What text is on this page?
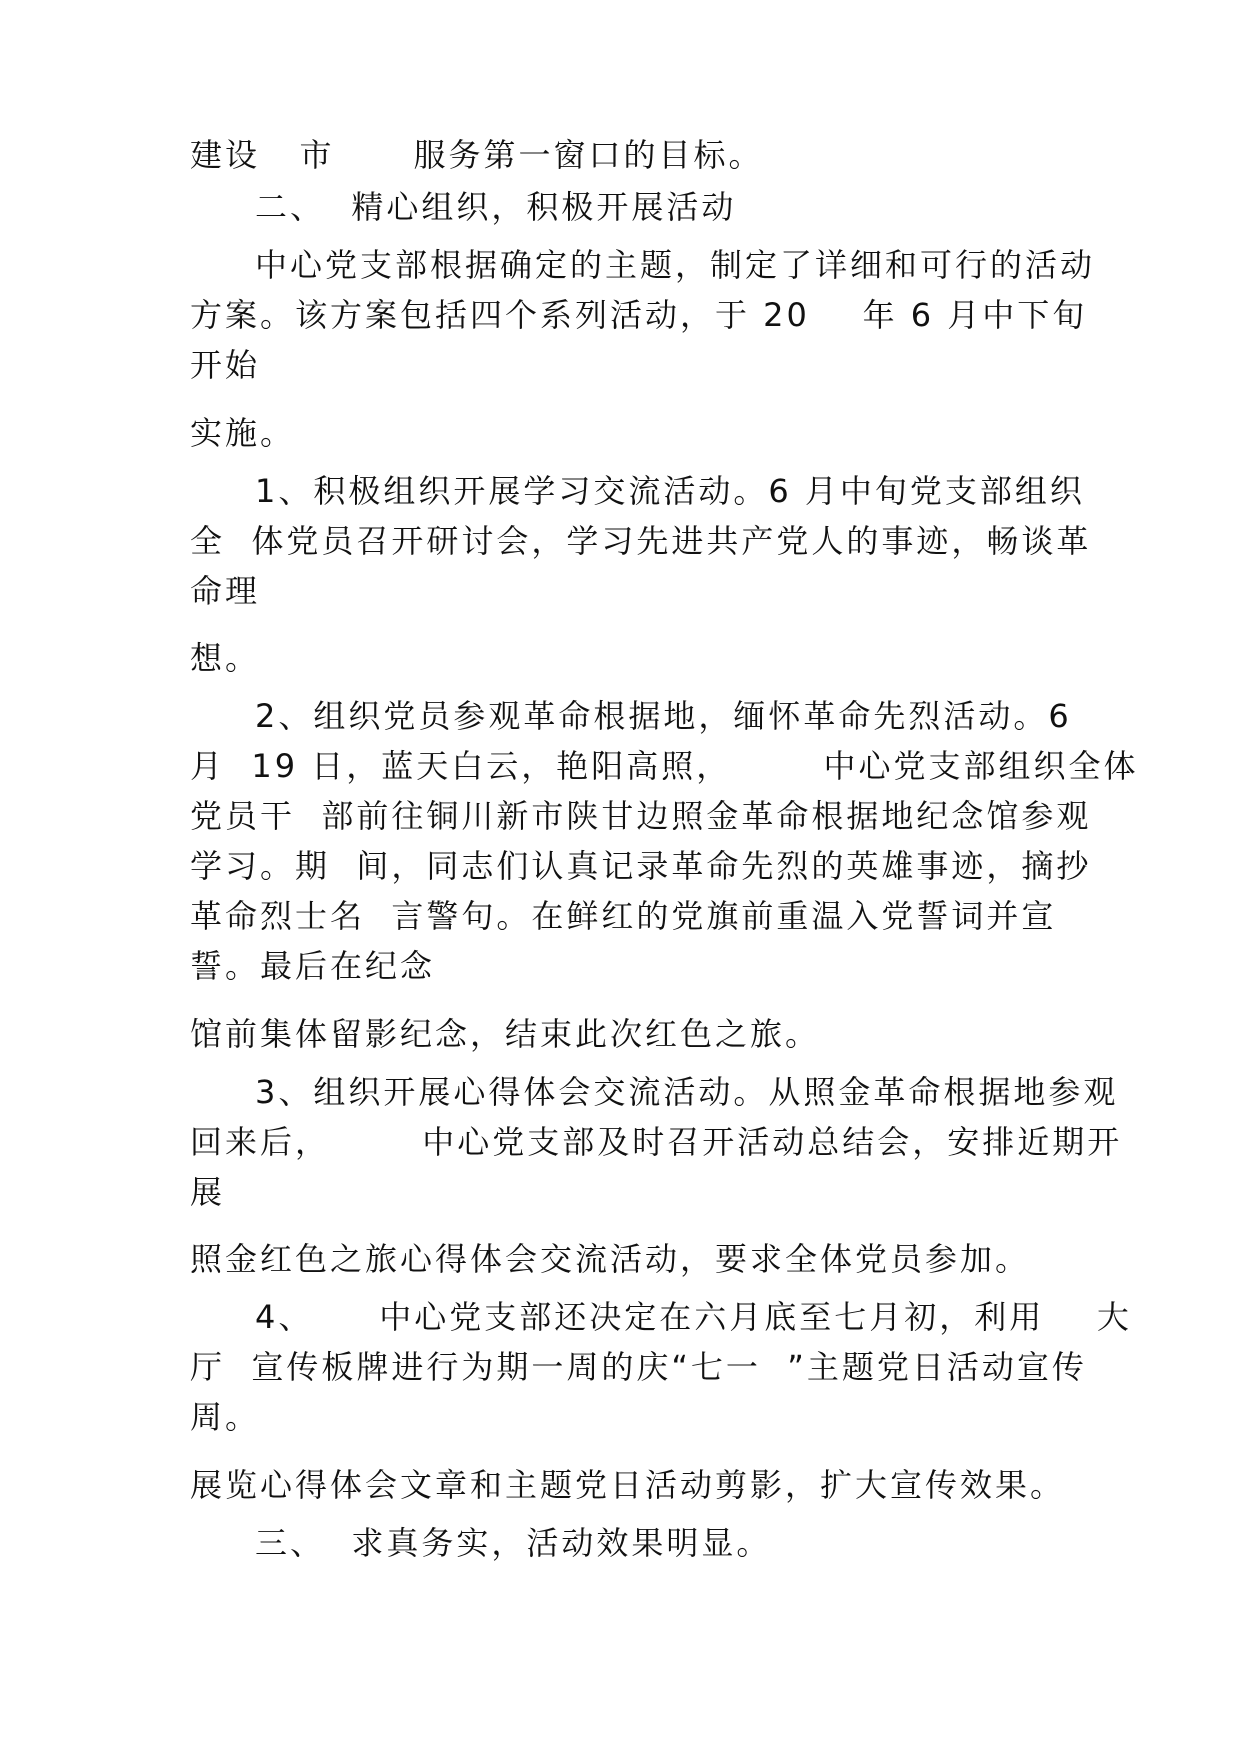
建设   市      服务第一窗口的目标。
二、  精心组织，积极开展活动
中心党支部根据确定的主题，制定了详细和可行的活动
方案。该方案包括四个系列活动，于 20    年 6 月中下旬
开始
实施。
1、积极组织开展学习交流活动。6 月中旬党支部组织
全  体党员召开研讨会，学习先进共产党人的事迹，畅谈革
命理
想。
2、组织党员参观革命根据地，缅怀革命先烈活动。6
月  19 日，蓝天白云，艳阳高照，       中心党支部组织全体
党员干  部前往铜川新市陕甘边照金革命根据地纪念馆参观
学习。期  间，同志们认真记录革命先烈的英雄事迹，摘抄
革命烈士名  言警句。在鲜红的党旗前重温入党誓词并宣
誓。最后在纪念
馆前集体留影纪念，结束此次红色之旅。
3、组织开展心得体会交流活动。从照金革命根据地参观
回来后，       中心党支部及时召开活动总结会，安排近期开
展
照金红色之旅心得体会交流活动，要求全体党员参加。
4、     中心党支部还决定在六月底至七月初，利用    大
厅  宣传板牌进行为期一周的庆“七一  ”主题党日活动宣传
周。
展览心得体会文章和主题党日活动剪影，扩大宣传效果。
三、  求真务实，活动效果明显。
